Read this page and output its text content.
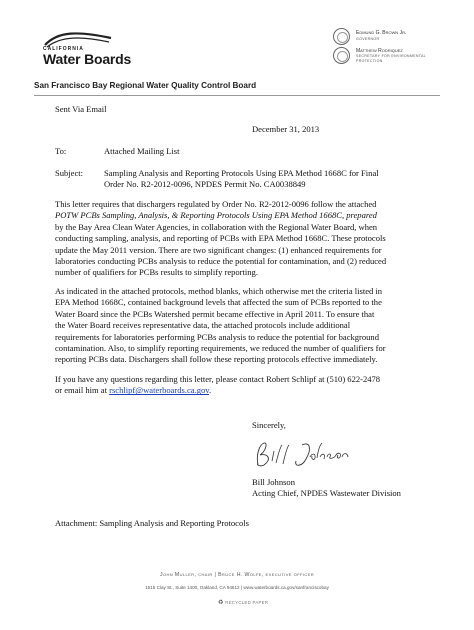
CALIFORNIA
Water Boards
Edmund G. Brown Jr.
GOVERNOR
Matthew Rodriquez
SECRETARY FOR ENVIRONMENTAL PROTECTION
San Francisco Bay Regional Water Quality Control Board
Sent Via Email
December 31, 2013
To:	Attached Mailing List
Subject: Sampling Analysis and Reporting Protocols Using EPA Method 1668C for Final
Order No. R2-2012-0096, NPDES Permit No. CA0038849
This letter requires that dischargers regulated by Order No. R2-2012-0096 follow the attached
POTW PCBs Sampling, Analysis, & Reporting Protocols Using EPA Method 1668C, prepared
by the Bay Area Clean Water Agencies, in collaboration with the Regional Water Board, when
conducting sampling, analysis, and reporting of PCBs with EPA Method 1668C. These protocols
update the May 2011 version. There are two significant changes: (1) enhanced requirements for
laboratories conducting PCBs analysis to reduce the potential for contamination, and (2) reduced
number of qualifiers for PCBs results to simplify reporting.
As indicated in the attached protocols, method blanks, which otherwise met the criteria listed in
EPA Method 1668C, contained background levels that affected the sum of PCBs reported to the
Water Board since the PCBs Watershed permit became effective in April 2011. To ensure that
the Water Board receives representative data, the attached protocols include additional
requirements for laboratories performing PCBs analysis to reduce the potential for background
contamination. Also, to simplify reporting requirements, we reduced the number of qualifiers for
reporting PCBs data. Dischargers shall follow these reporting protocols effective immediately.
If you have any questions regarding this letter, please contact Robert Schlipf at (510) 622-2478
or email him at rschlipf@waterboards.ca.gov.
Sincerely,
Bill Johnson
Acting Chief, NPDES Wastewater Division
Attachment: Sampling Analysis and Reporting Protocols
John Muller, chair | Bruce H. Wolfe, executive officer
1515 Clay St., Suite 1400, Oakland, CA 94612 | www.waterboards.ca.gov/sanfranciscobay
♻ RECYCLED PAPER
